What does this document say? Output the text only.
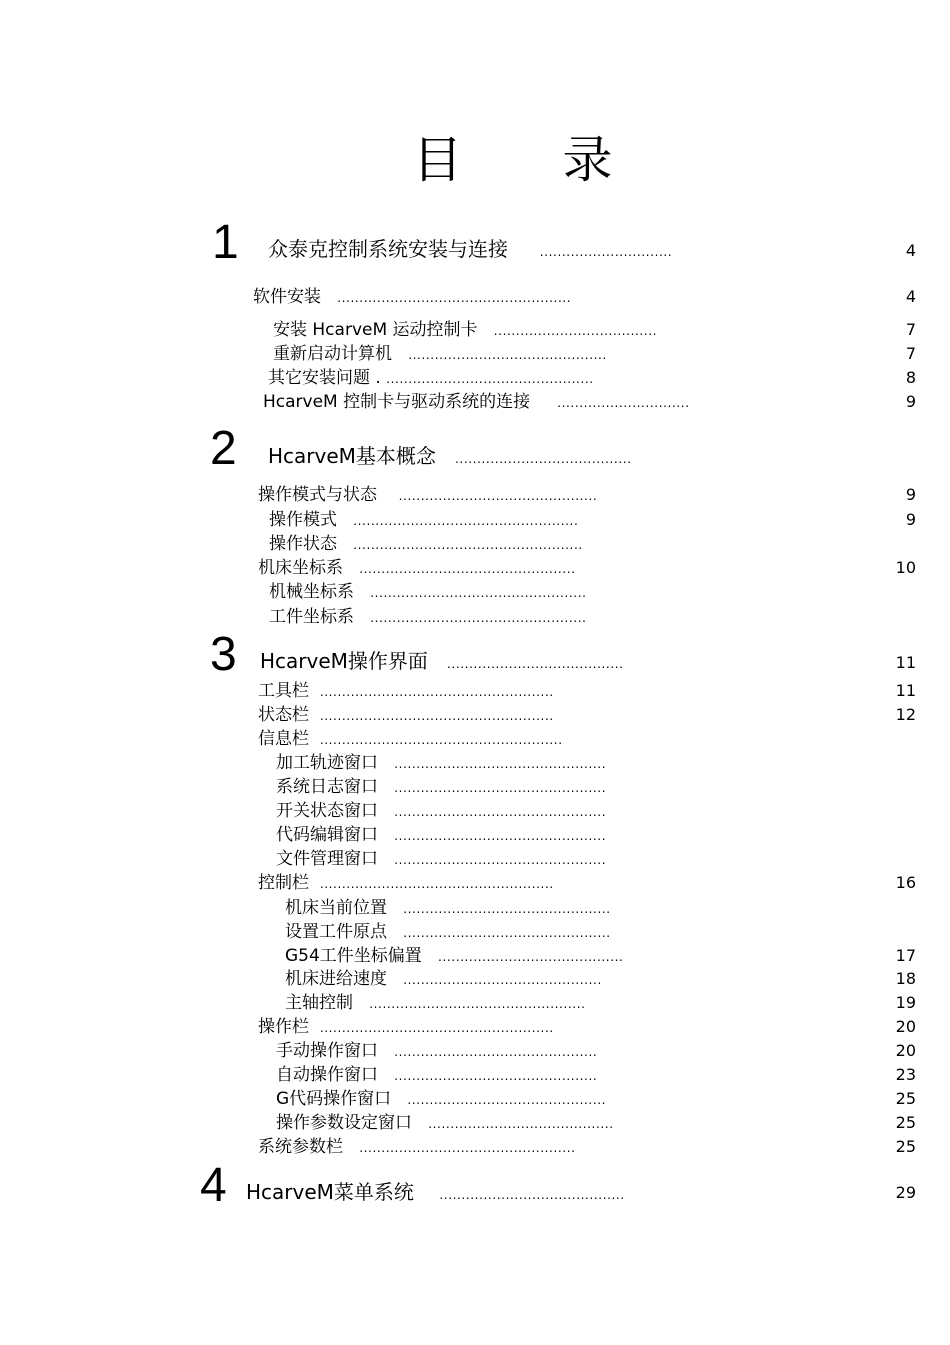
目 录
1 众泰克控制系统安装与连接	..............................	4
软件安装 .....................................................	4
安装 HcarveM 运动控制卡 .....................................	7
重新启动计算机 .............................................	7
其它安装问题 . ...............................................	8
HcarveM 控制卡与驱动系统的连接 ..............................	9
2 HcarveM基本概念 ........................................
操作模式与状态 .............................................	9
操作模式 ...................................................	9
操作状态 ....................................................
机床坐标系 .................................................	10
机械坐标系 .................................................
工件坐标系 .................................................
3 HcarveM操作界面 ........................................	11
工具栏 .....................................................	11
状态栏 .....................................................	12
信息栏 .......................................................
加工轨迹窗口 ................................................
系统日志窗口 ................................................
开关状态窗口 ................................................
代码编辑窗口 ................................................
文件管理窗口 ................................................
控制栏 .....................................................	16
机床当前位置 ...............................................
设置工件原点 ...............................................
G54工件坐标偏置 ..........................................	17
机床进给速度 .............................................	18
主轴控制 .................................................	19
操作栏 .....................................................	20
手动操作窗口 ..............................................	20
自动操作窗口 ..............................................	23
G代码操作窗口 .............................................	25
操作参数设定窗口 ..........................................	25
系统参数栏 .................................................	25
4 HcarveM菜单系统 ..........................................	29
